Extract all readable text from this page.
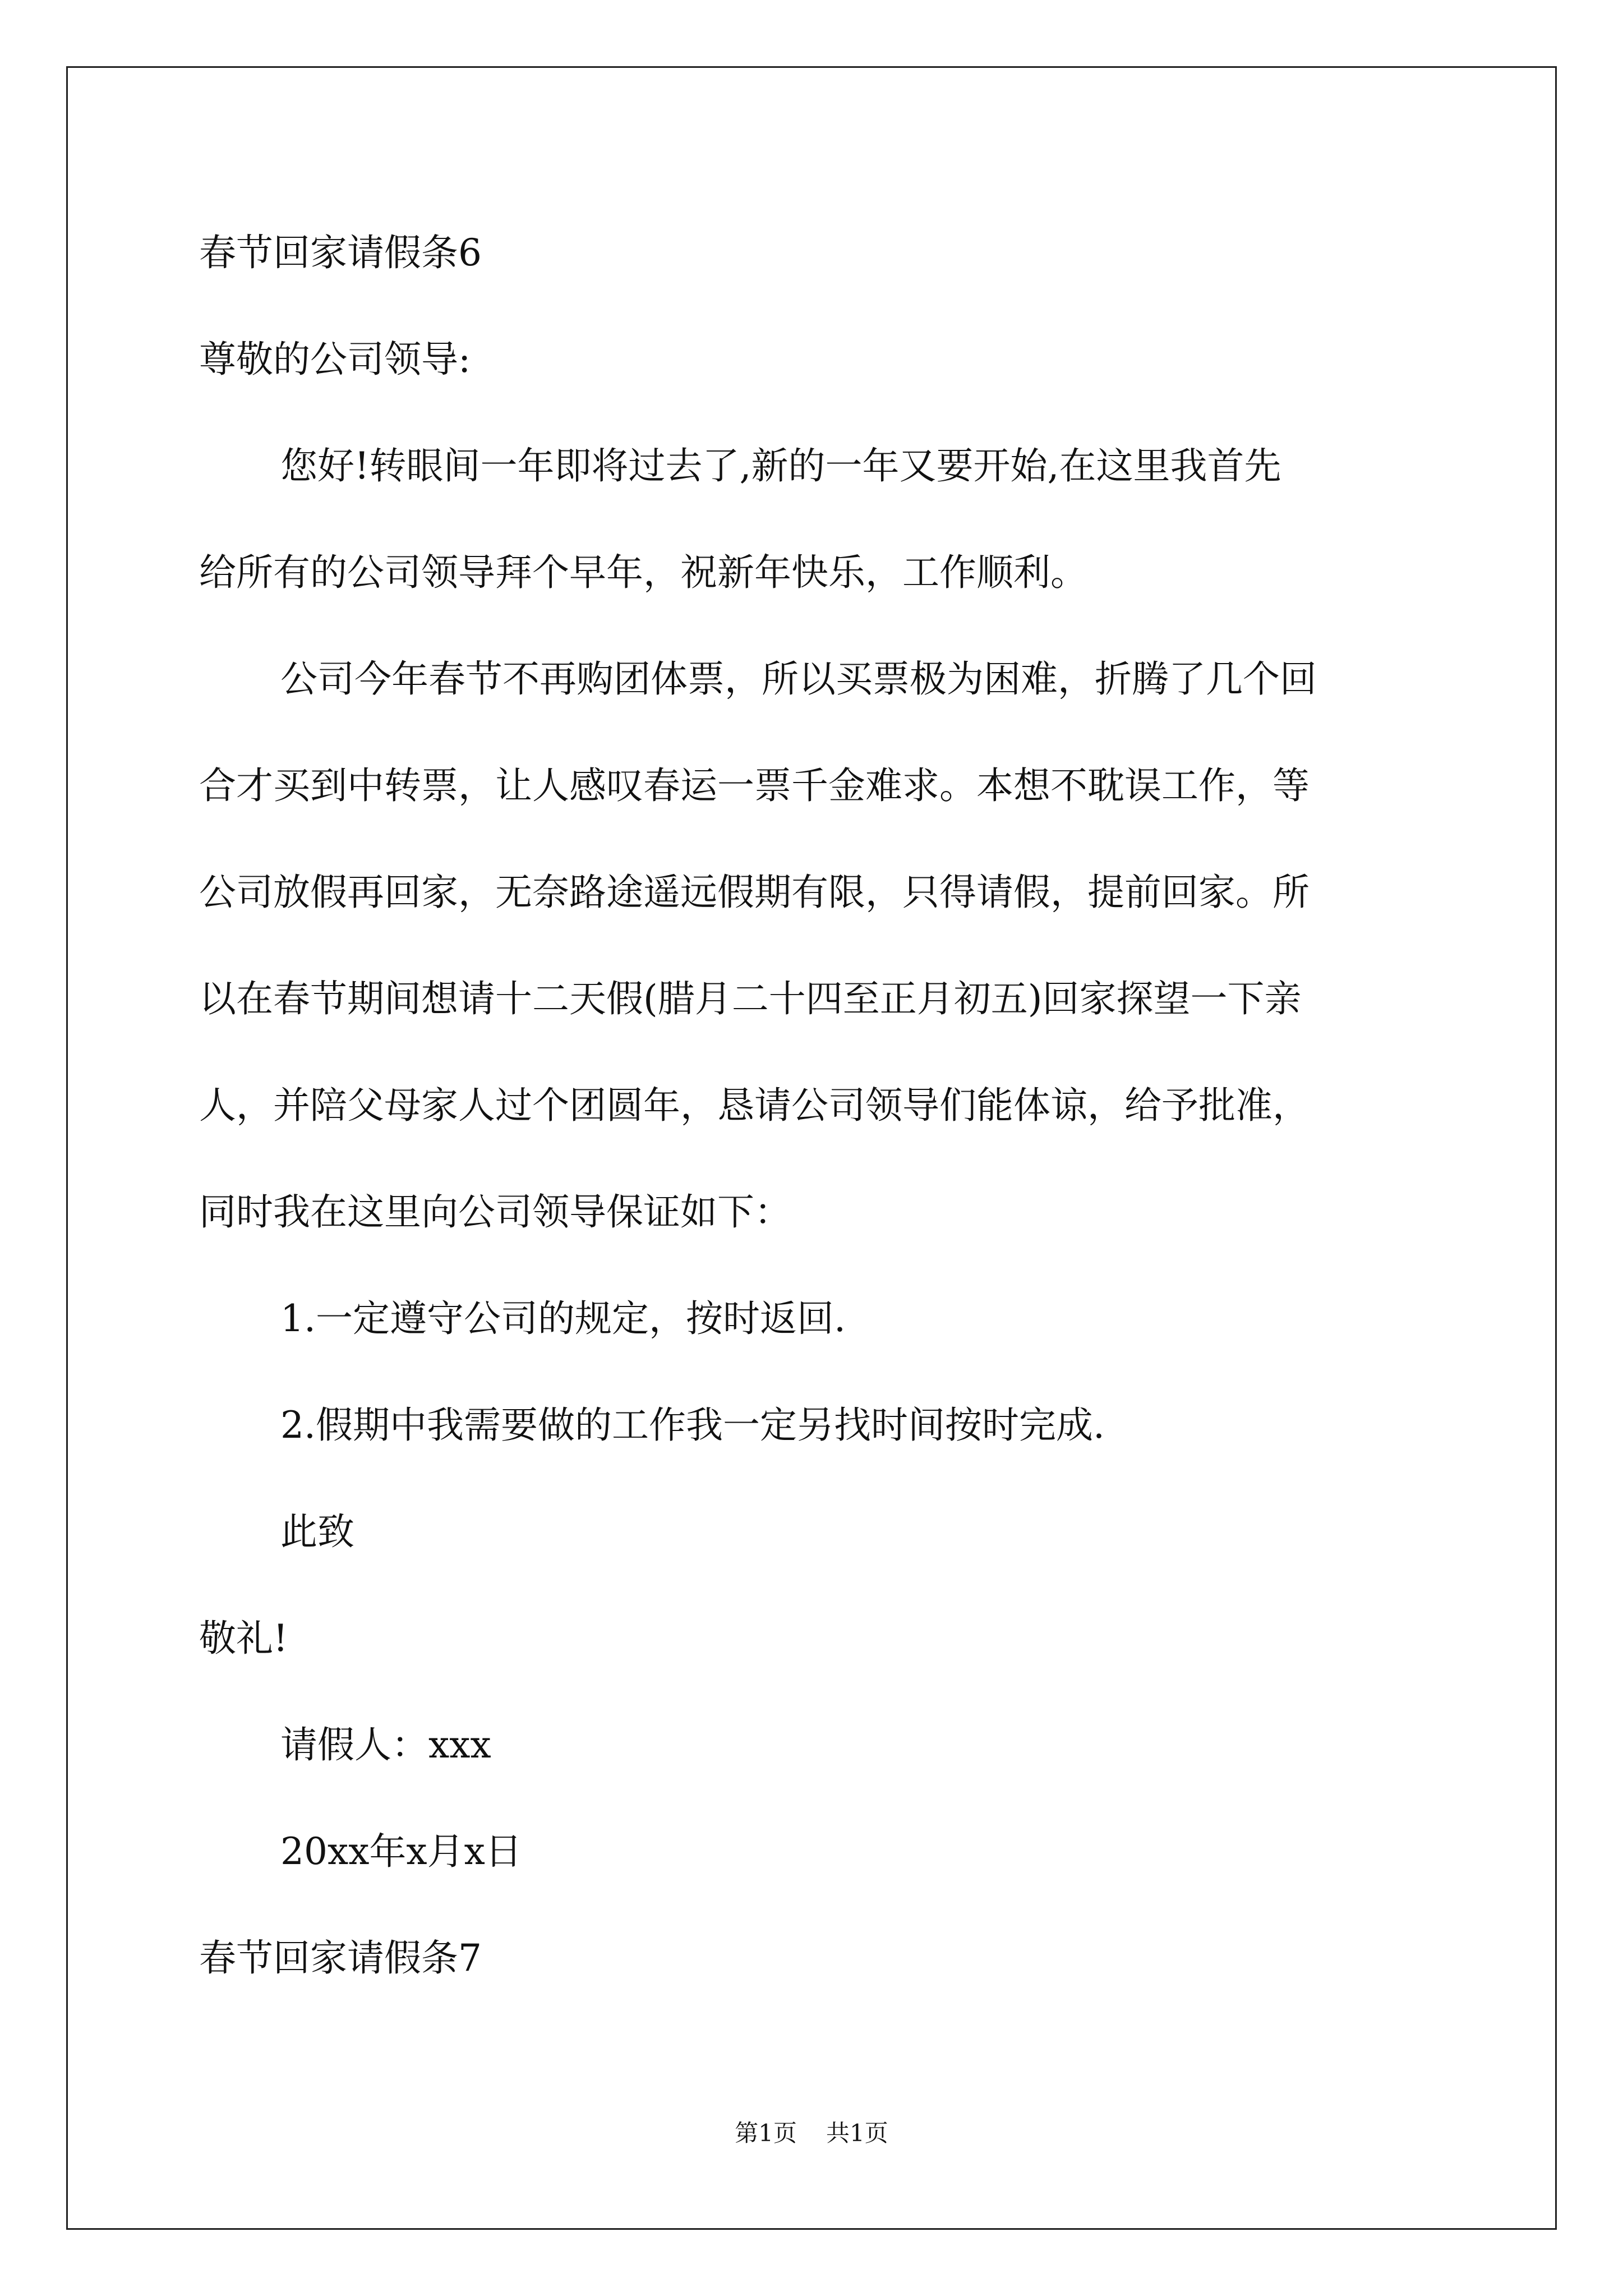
春节回家请假条6
尊敬的公司领导:
您好!转眼间一年即将过去了,新的一年又要开始,在这里我首先
给所有的公司领导拜个早年，祝新年快乐，工作顺利。
公司今年春节不再购团体票，所以买票极为困难，折腾了几个回
合才买到中转票，让人感叹春运一票千金难求。本想不耽误工作，等
公司放假再回家，无奈路途遥远假期有限，只得请假，提前回家。所
以在春节期间想请十二天假(腊月二十四至正月初五)回家探望一下亲
人，并陪父母家人过个团圆年，恳请公司领导们能体谅，给予批准，
同时我在这里向公司领导保证如下：
1.一定遵守公司的规定，按时返回.
2.假期中我需要做的工作我一定另找时间按时完成.
此致
敬礼!
请假人：xxx
20xx年x月x日
春节回家请假条7
第1页 共1页
